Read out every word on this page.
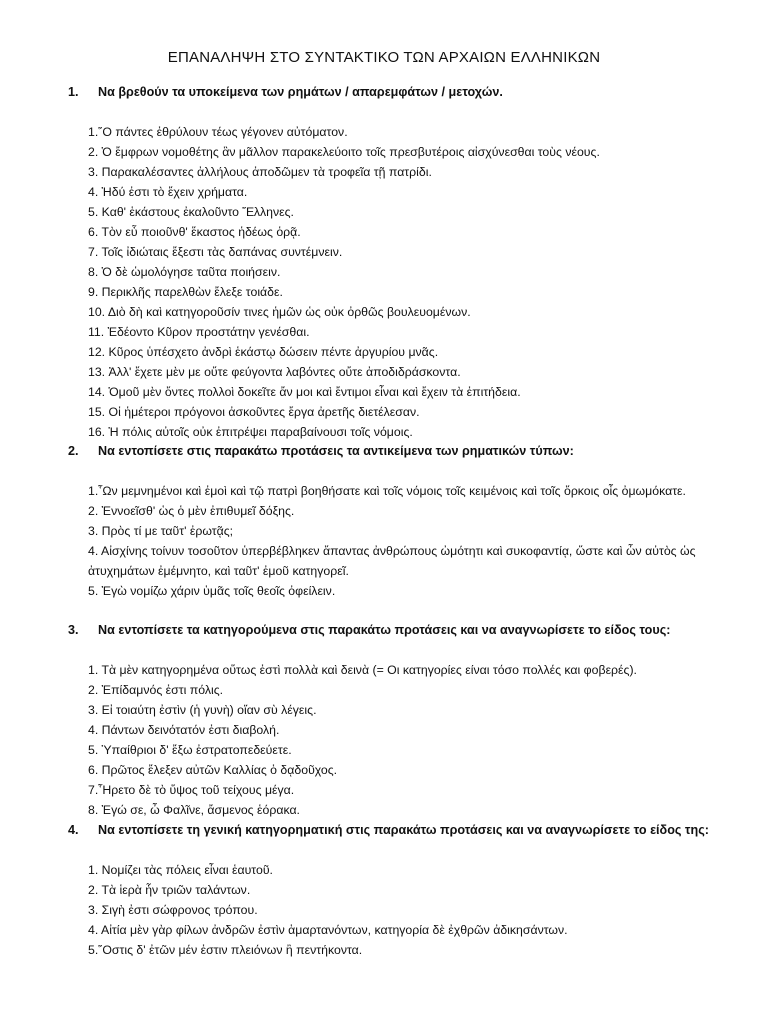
ΕΠΑΝΑΛΗΨΗ ΣΤΟ ΣΥΝΤΑΚΤΙΚΟ ΤΩΝ ΑΡΧΑΙΩΝ ΕΛΛΗΝΙΚΩΝ
1.	Να βρεθούν τα υποκείμενα των ρημάτων / απαρεμφάτων / μετοχών.
1.῞Ο πάντες ἐθρύλουν τέως γέγονεν αὐτόματον.
2. Ὁ ἔμφρων νομοθέτης ἂν μᾶλλον παρακελεύοιτο τοῖς πρεσβυτέροις αἰσχύνεσθαι τοὺς νέους.
3. Παρακαλέσαντες ἀλλήλους ἀποδῶμεν τὰ τροφεῖα τῇ πατρίδι.
4. Ἡδύ ἐστι τὸ ἔχειν χρήματα.
5. Καθ' ἑκάστους ἐκαλοῦντο Ἕλληνες.
6. Τὸν εὖ ποιοῦνθ' ἕκαστος ἡδέως ὁρᾷ.
7. Τοῖς ἰδιώταις ἔξεστι τὰς δαπάνας συντέμνειν.
8. Ὁ δὲ ὡμολόγησε ταῦτα ποιήσειν.
9. Περικλῆς παρελθὼν ἔλεξε τοιάδε.
10. Διὸ δὴ καὶ κατηγοροῦσίν τινες ἡμῶν ὡς οὐκ ὀρθῶς βουλευομένων.
11. Ἐδέοντο Κῦρον προστάτην γενέσθαι.
12. Κῦρος ὑπέσχετο ἀνδρὶ ἑκάστῳ δώσειν πέντε ἀργυρίου μνᾶς.
13. Ἀλλ' ἔχετε μὲν με οὔτε φεύγοντα λαβόντες οὔτε ἀποδιδράσκοντα.
14. Ὁμοῦ μὲν ὄντες πολλοὶ δοκεῖτε ἄν μοι καὶ ἔντιμοι εἶναι καὶ ἔχειν τὰ ἐπιτήδεια.
15. Οἱ ἡμέτεροι πρόγονοι ἀσκοῦντες ἔργα ἀρετῆς διετέλεσαν.
16. Ἡ πόλις αὐτοῖς οὐκ ἐπιτρέψει παραβαίνουσι τοῖς νόμοις.
2.	Να εντοπίσετε στις παρακάτω προτάσεις τα αντικείμενα των ρηματικών τύπων:
1.῟Ων μεμνημένοι καὶ ἐμοὶ καὶ τῷ πατρὶ βοηθήσατε καὶ τοῖς νόμοις τοῖς κειμένοις καὶ τοῖς ὅρκοις οἷς ὀμωμόκατε.
2. Ἐννοεῖσθ' ὡς ὁ μὲν ἐπιθυμεῖ δόξης.
3. Πρὸς τί με ταῦτ' ἐρωτᾷς;
4. Αἰσχίνης τοίνυν τοσοῦτον ὑπερβέβληκεν ἅπαντας ἀνθρώπους ὠμότητι καὶ συκοφαντίᾳ, ὥστε καὶ ὧν αὐτὸς ὡς ἀτυχημάτων ἐμέμνητο, καὶ ταῦτ' ἐμοῦ κατηγορεῖ.
5. Ἐγὼ νομίζω χάριν ὑμᾶς τοῖς θεοῖς ὀφείλειν.
3.	Να εντοπίσετε τα κατηγορούμενα στις παρακάτω προτάσεις και να αναγνωρίσετε το είδος τους:
1. Τὰ μὲν κατηγορημένα οὕτως ἐστὶ πολλὰ καὶ δεινὰ (= Οι κατηγορίες είναι τόσο πολλές και φοβερές).
2. Ἐπίδαμνός ἐστι πόλις.
3. Εἰ τοιαύτη ἐστὶν (ἡ γυνὴ) οἵαν σὺ λέγεις.
4. Πάντων δεινότατόν ἐστι διαβολή.
5. Ὑπαίθριοι δ' ἔξω ἐστρατοπεδεύετε.
6. Πρῶτος ἔλεξεν αὐτῶν Καλλίας ὁ δᾳδοῦχος.
7.῟Ηρετο δὲ τὸ ὕψος τοῦ τείχους μέγα.
8. Ἐγώ σε, ὦ Φαλῖνε, ἄσμενος ἑόρακα.
4.	Να εντοπίσετε τη γενική κατηγορηματική στις παρακάτω προτάσεις και να αναγνωρίσετε το είδος της:
1. Νομίζει τὰς πόλεις εἶναι ἑαυτοῦ.
2. Τὰ ἱερὰ ἦν τριῶν ταλάντων.
3. Σιγὴ ἐστι σώφρονος τρόπου.
4. Αἰτία μὲν γὰρ φίλων ἀνδρῶν ἐστὶν ἁμαρτανόντων, κατηγορία δὲ ἐχθρῶν ἀδικησάντων.
5.῞Οστις δ' ἐτῶν μέν ἐστιν πλειόνων ἢ πεντήκοντα.
